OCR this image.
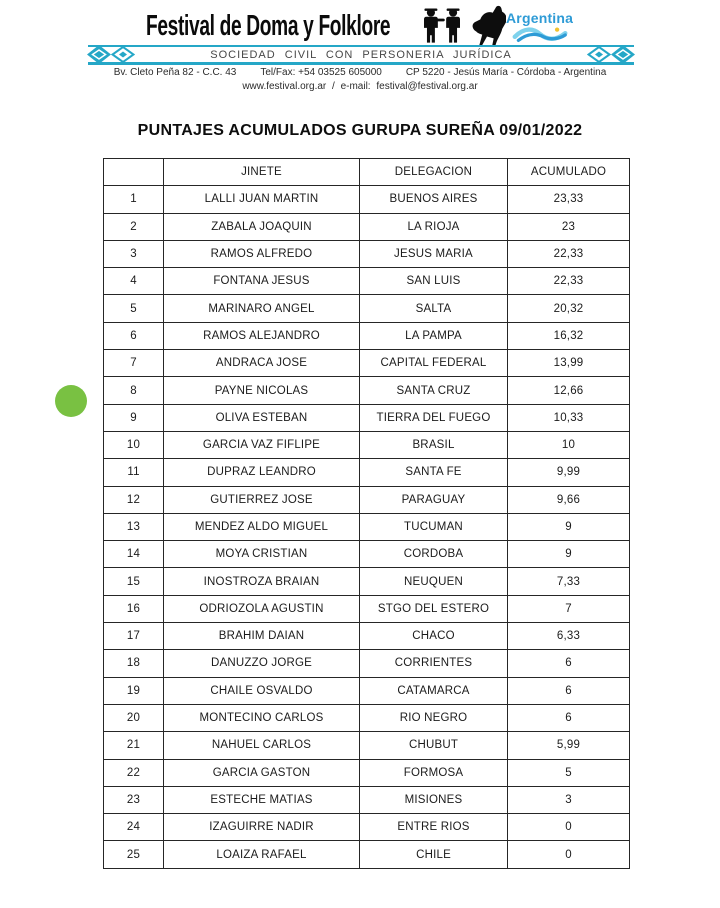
Festival de Doma y Folklore	Argentina
SOCIEDAD CIVIL CON PERSONERIA JURÍDICA
Bv. Cleto Peña 82 - C.C. 43 Tel/Fax: +54 03525 605000 CP 5220 - Jesús María - Córdoba - Argentina
www.festival.org.ar / e-mail: festival@festival.org.ar
PUNTAJES ACUMULADOS GURUPA SUREÑA 09/01/2022
	JINETE	DELEGACION	ACUMULADO
1	LALLI JUAN MARTIN	BUENOS AIRES	23,33
2	ZABALA JOAQUIN	LA RIOJA	23
3	RAMOS ALFREDO	JESUS MARIA	22,33
4	FONTANA JESUS	SAN LUIS	22,33
5	MARINARO ANGEL	SALTA	20,32
6	RAMOS ALEJANDRO	LA PAMPA	16,32
7	ANDRACA JOSE	CAPITAL FEDERAL	13,99
8	PAYNE NICOLAS	SANTA CRUZ	12,66
9	OLIVA ESTEBAN	TIERRA DEL FUEGO	10,33
10	GARCIA VAZ FIFLIPE	BRASIL	10
11	DUPRAZ LEANDRO	SANTA FE	9,99
12	GUTIERREZ JOSE	PARAGUAY	9,66
13	MENDEZ ALDO MIGUEL	TUCUMAN	9
14	MOYA CRISTIAN	CORDOBA	9
15	INOSTROZA BRAIAN	NEUQUEN	7,33
16	ODRIOZOLA AGUSTIN	STGO DEL ESTERO	7
17	BRAHIM DAIAN	CHACO	6,33
18	DANUZZO JORGE	CORRIENTES	6
19	CHAILE OSVALDO	CATAMARCA	6
20	MONTECINO CARLOS	RIO NEGRO	6
21	NAHUEL CARLOS	CHUBUT	5,99
22	GARCIA GASTON	FORMOSA	5
23	ESTECHE MATIAS	MISIONES	3
24	IZAGUIRRE NADIR	ENTRE RIOS	0
25	LOAIZA RAFAEL	CHILE	0
